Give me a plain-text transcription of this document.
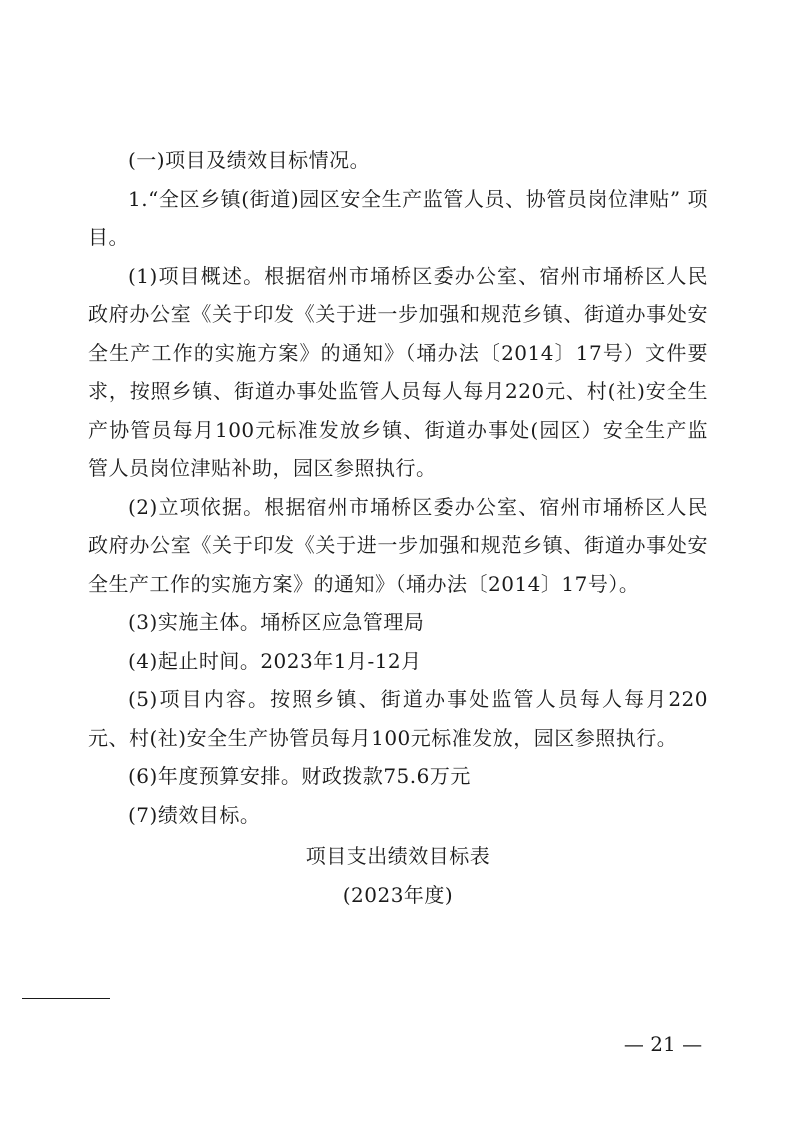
(一)项目及绩效目标情况。

1.“全区乡镇(街道)园区安全生产监管人员、协管员岗位津贴” 项目。

(1)项目概述。根据宿州市埇桥区委办公室、宿州市埇桥区人民政府办公室《关于印发《关于进一步加强和规范乡镇、街道办事处安全生产工作的实施方案》的通知》（埇办法〔2014〕17号）文件要求，按照乡镇、街道办事处监管人员每人每月220元、村(社)安全生产协管员每月100元标准发放乡镇、街道办事处(园区）安全生产监管人员岗位津贴补助，园区参照执行。

(2)立项依据。根据宿州市埇桥区委办公室、宿州市埇桥区人民政府办公室《关于印发《关于进一步加强和规范乡镇、街道办事处安全生产工作的实施方案》的通知》（埇办法〔2014〕17号）。

(3)实施主体。埇桥区应急管理局

(4)起止时间。2023年1月-12月

(5)项目内容。按照乡镇、街道办事处监管人员每人每月220元、村(社)安全生产协管员每月100元标准发放，园区参照执行。

(6)年度预算安排。财政拨款75.6万元

(7)绩效目标。

项目支出绩效目标表

(2023年度)

— 21 —
